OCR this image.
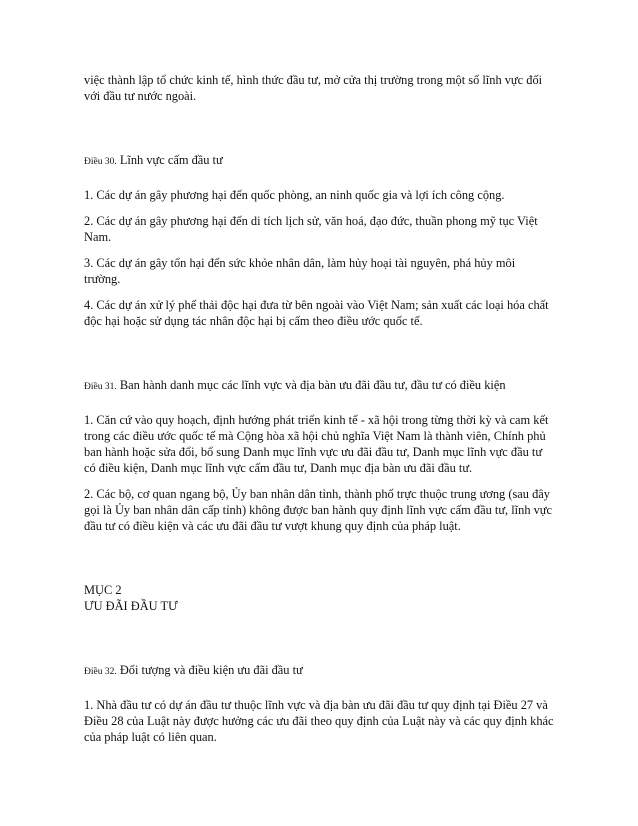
việc thành lập tổ chức kinh tế, hình thức đầu tư, mở cửa thị trường trong một số lĩnh vực đối với đầu tư nước ngoài.

Điều 30. Lĩnh vực cấm đầu tư

1. Các dự án gây phương hại đến quốc phòng, an ninh quốc gia và lợi ích công cộng.

2. Các dự án gây phương hại đến di tích lịch sử, văn hoá, đạo đức, thuần phong mỹ tục Việt Nam.

3. Các dự án gây tổn hại đến sức khỏe nhân dân, làm hủy hoại tài nguyên, phá hủy môi trường.

4. Các dự án xử lý phế thải độc hại đưa từ bên ngoài vào Việt Nam; sản xuất các loại hóa chất độc hại hoặc sử dụng tác nhân độc hại bị cấm theo điều ước quốc tế.

Điều 31. Ban hành danh mục các lĩnh vực và địa bàn ưu đãi đầu tư, đầu tư có điều kiện

1. Căn cứ vào quy hoạch, định hướng phát triển kinh tế - xã hội trong từng thời kỳ và cam kết trong các điều ước quốc tế mà Cộng hòa xã hội chủ nghĩa Việt Nam là thành viên, Chính phủ ban hành hoặc sửa đổi, bổ sung Danh mục lĩnh vực ưu đãi đầu tư, Danh mục lĩnh vực đầu tư có điều kiện, Danh mục lĩnh vực cấm đầu tư, Danh mục địa bàn ưu đãi đầu tư.

2. Các bộ, cơ quan ngang bộ, Ủy ban nhân dân tỉnh, thành phố trực thuộc trung ương (sau đây gọi là Ủy ban nhân dân cấp tỉnh) không được ban hành quy định lĩnh vực cấm đầu tư, lĩnh vực đầu tư có điều kiện và các ưu đãi đầu tư vượt khung quy định của pháp luật.

MỤC 2
ƯU ĐÃI ĐẦU TƯ
Điều 32. Đối tượng và điều kiện ưu đãi đầu tư

1. Nhà đầu tư có dự án đầu tư thuộc lĩnh vực và địa bàn ưu đãi đầu tư quy định tại Điều 27 và Điều 28 của Luật này được hưởng các ưu đãi theo quy định của Luật này và các quy định khác của pháp luật có liên quan.
